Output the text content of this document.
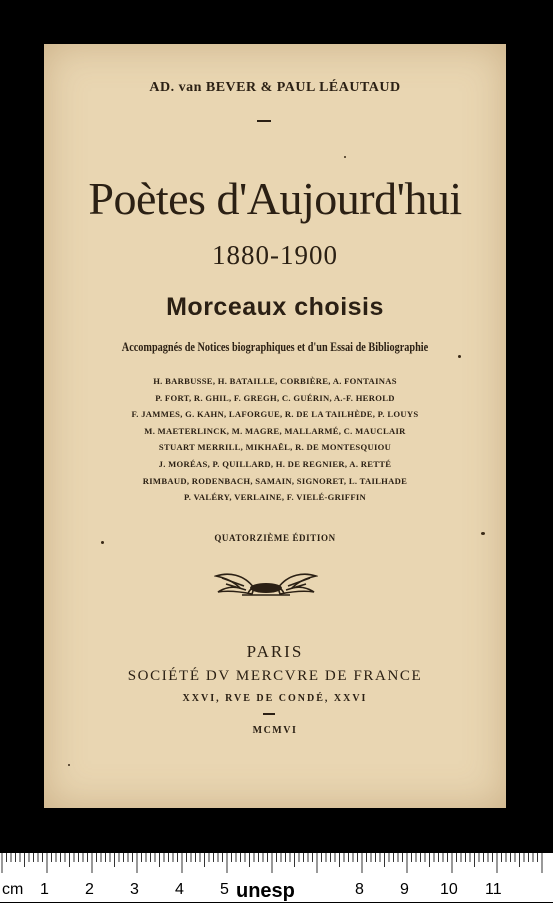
AD. van BEVER & PAUL LÉAUTAUD
Poètes d'Aujourd'hui
1880-1900
Morceaux choisis
Accompagnés de Notices biographiques et d'un Essai de Bibliographie
H. BARBUSSE, H. BATAILLE, CORBIÈRE, A. FONTAINAS
P. FORT, R. GHIL, F. GREGH, C. GUÉRIN, A.-F. HEROLD
F. JAMMES, G. KAHN, LAFORGUE, R. DE LA TAILHÈDE, P. LOUYS
M. MAETERLINCK, M. MAGRE, MALLARMÉ, C. MAUCLAIR
STUART MERRILL, MIKHAËL, R. DE MONTESQUIOU
J. MORÉAS, P. QUILLARD, H. DE REGNIER, A. RETTÉ
RIMBAUD, RODENBACH, SAMAIN, SIGNORET, L. TAILHADE
P. VALÉRY, VERLAINE, F. VIELÉ-GRIFFIN
QUATORZIÈME ÉDITION
PARIS
SOCIÉTÉ DV MERCVRE DE FRANCE
XXVI, RVE DE CONDÉ, XXVI
MCMVI
cm 1 2 3 4 5 unesp	8 9 10 11
